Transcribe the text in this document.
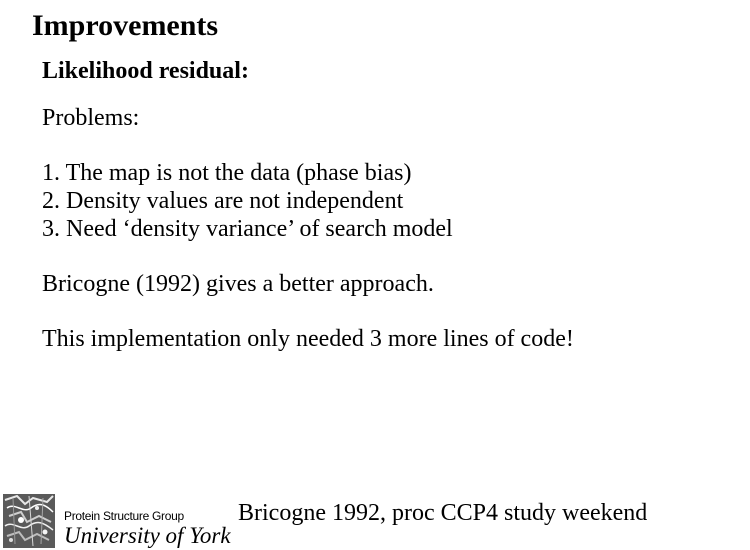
Improvements
Likelihood residual:

Problems:

1. The map is not the data (phase bias)
2. Density values are not independent
3. Need ‘density variance’ of search model

Bricogne (1992) gives a better approach.

This implementation only needed 3 more lines of code!

Protein Structure Group
University of York
Bricogne 1992, proc CCP4 study weekend
